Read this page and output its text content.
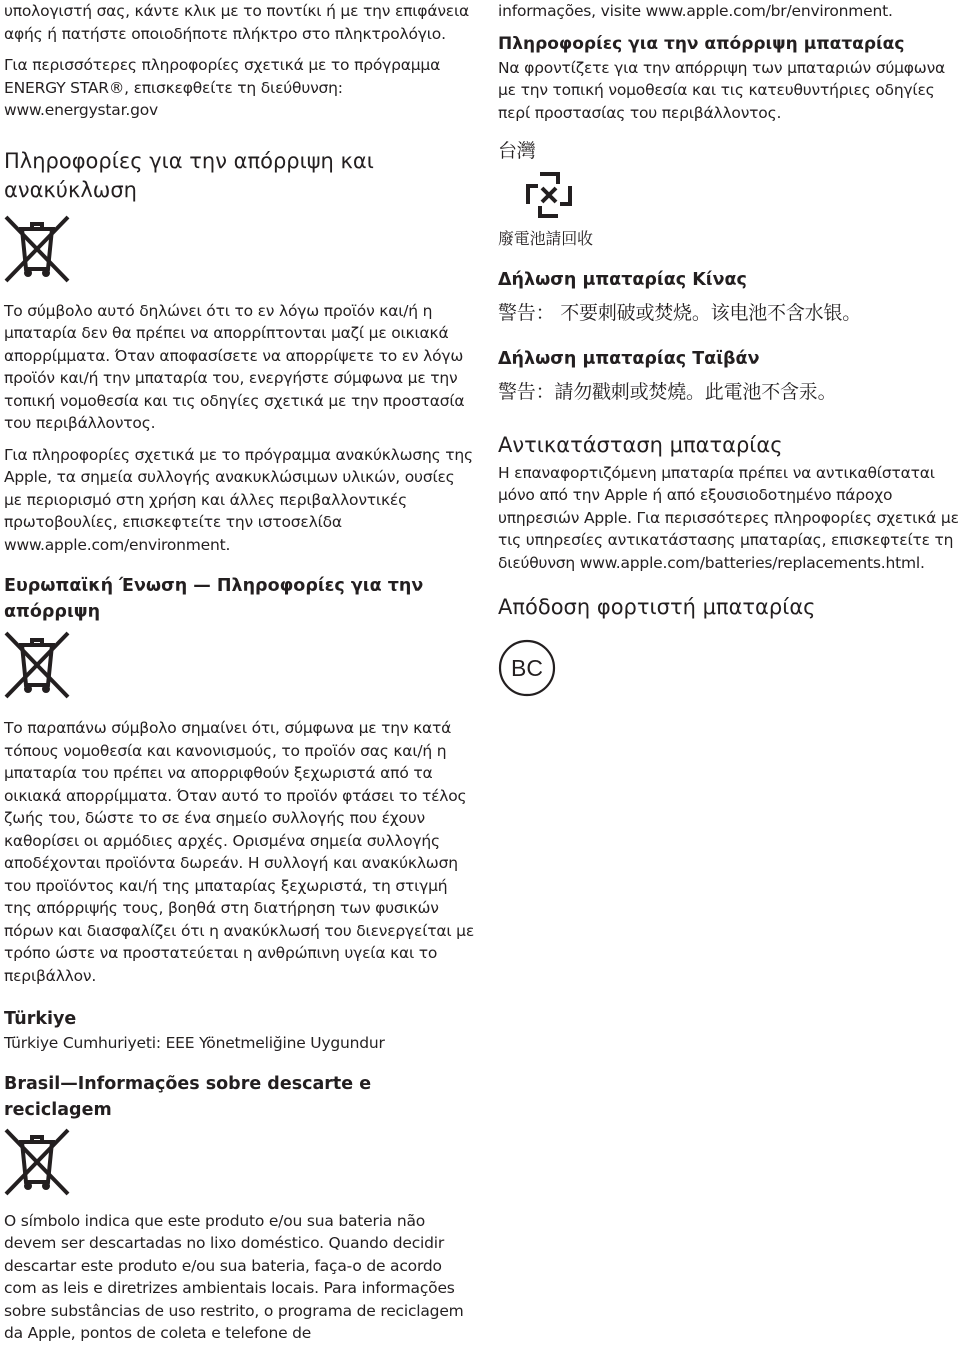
υπολογιστή σας, κάντε κλικ με το ποντίκι ή με την επιφάνεια αφής ή πατήστε οποιοδήποτε πλήκτρο στο πληκτρολόγιο.

Για περισσότερες πληροφορίες σχετικά με το πρόγραμμα ENERGY STAR®, επισκεφθείτε τη διεύθυνση: www.energystar.gov

Πληροφορίες για την απόρριψη και ανακύκλωση

Το σύμβολο αυτό δηλώνει ότι το εν λόγω προϊόν και/ή η μπαταρία δεν θα πρέπει να απορρίπτονται μαζί με οικιακά απορρίμματα. Όταν αποφασίσετε να απορρίψετε το εν λόγω προϊόν και/ή την μπαταρία του, ενεργήστε σύμφωνα με την τοπική νομοθεσία και τις οδηγίες σχετικά με την προστασία του περιβάλλοντος.

Για πληροφορίες σχετικά με το πρόγραμμα ανακύκλωσης της Apple, τα σημεία συλλογής ανακυκλώσιμων υλικών, ουσίες με περιορισμό στη χρήση και άλλες περιβαλλοντικές πρωτοβουλίες, επισκεφτείτε την ιστοσελίδα www.apple.com/environment.

Ευρωπαϊκή Ένωση — Πληροφορίες για την απόρριψη

Το παραπάνω σύμβολο σημαίνει ότι, σύμφωνα με την κατά τόπους νομοθεσία και κανονισμούς, το προϊόν σας και/ή η μπαταρία του πρέπει να απορριφθούν ξεχωριστά από τα οικιακά απορρίμματα. Όταν αυτό το προϊόν φτάσει το τέλος ζωής του, δώστε το σε ένα σημείο συλλογής που έχουν καθορίσει οι αρμόδιες αρχές. Ορισμένα σημεία συλλογής αποδέχονται προϊόντα δωρεάν. Η συλλογή και ανακύκλωση του προϊόντος και/ή της μπαταρίας ξεχωριστά, τη στιγμή της απόρριψής τους, βοηθά στη διατήρηση των φυσικών πόρων και διασφαλίζει ότι η ανακύκλωσή του διενεργείται με τρόπο ώστε να προστατεύεται η ανθρώπινη υγεία και το περιβάλλον.

Türkiye

Türkiye Cumhuriyeti: EEE Yönetmeliğine Uygundur

Brasil—Informações sobre descarte e reciclagem

O símbolo indica que este produto e/ou sua bateria não devem ser descartadas no lixo doméstico. Quando decidir descartar este produto e/ou sua bateria, faça-o de acordo com as leis e diretrizes ambientais locais. Para informações sobre substâncias de uso restrito, o programa de reciclagem da Apple, pontos de coleta e telefone de

informações, visite www.apple.com/br/environment.

Πληροφορίες για την απόρριψη μπαταρίας

Να φροντίζετε για την απόρριψη των μπαταριών σύμφωνα με την τοπική νομοθεσία και τις κατευθυντήριες οδηγίες περί προστασίας του περιβάλλοντος.

台灣

廢電池請回收

Δήλωση μπαταρίας Κίνας

警告： 不要刺破或焚烧。该电池不含水银。

Δήλωση μπαταρίας Ταϊβάν

警告：請勿戳刺或焚燒。此電池不含汞。

Αντικατάσταση μπαταρίας

Η επαναφορτιζόμενη μπαταρία πρέπει να αντικαθίσταται μόνο από την Apple ή από εξουσιοδοτημένο πάροχο υπηρεσιών Apple. Για περισσότερες πληροφορίες σχετικά με τις υπηρεσίες αντικατάστασης μπαταρίας, επισκεφτείτε τη διεύθυνση www.apple.com/batteries/replacements.html.

Απόδοση φορτιστή μπαταρίας
BC
